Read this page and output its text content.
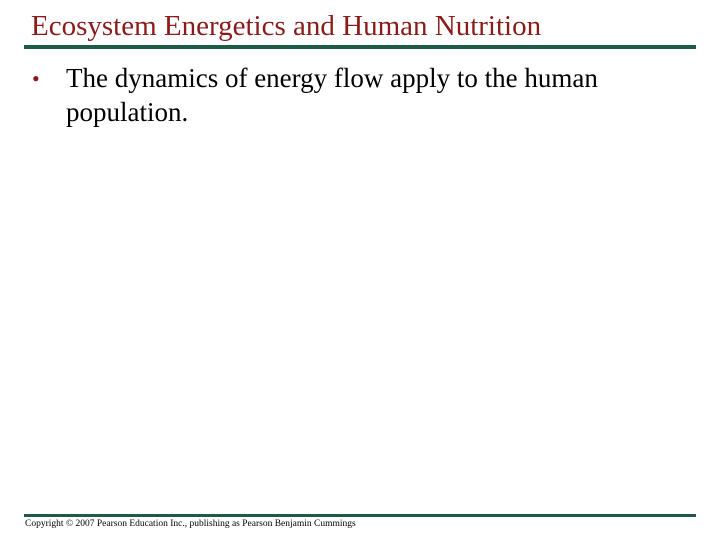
Ecosystem Energetics and Human Nutrition
• The dynamics of energy flow apply to the human population.
Copyright © 2007 Pearson Education Inc., publishing as Pearson Benjamin Cummings
